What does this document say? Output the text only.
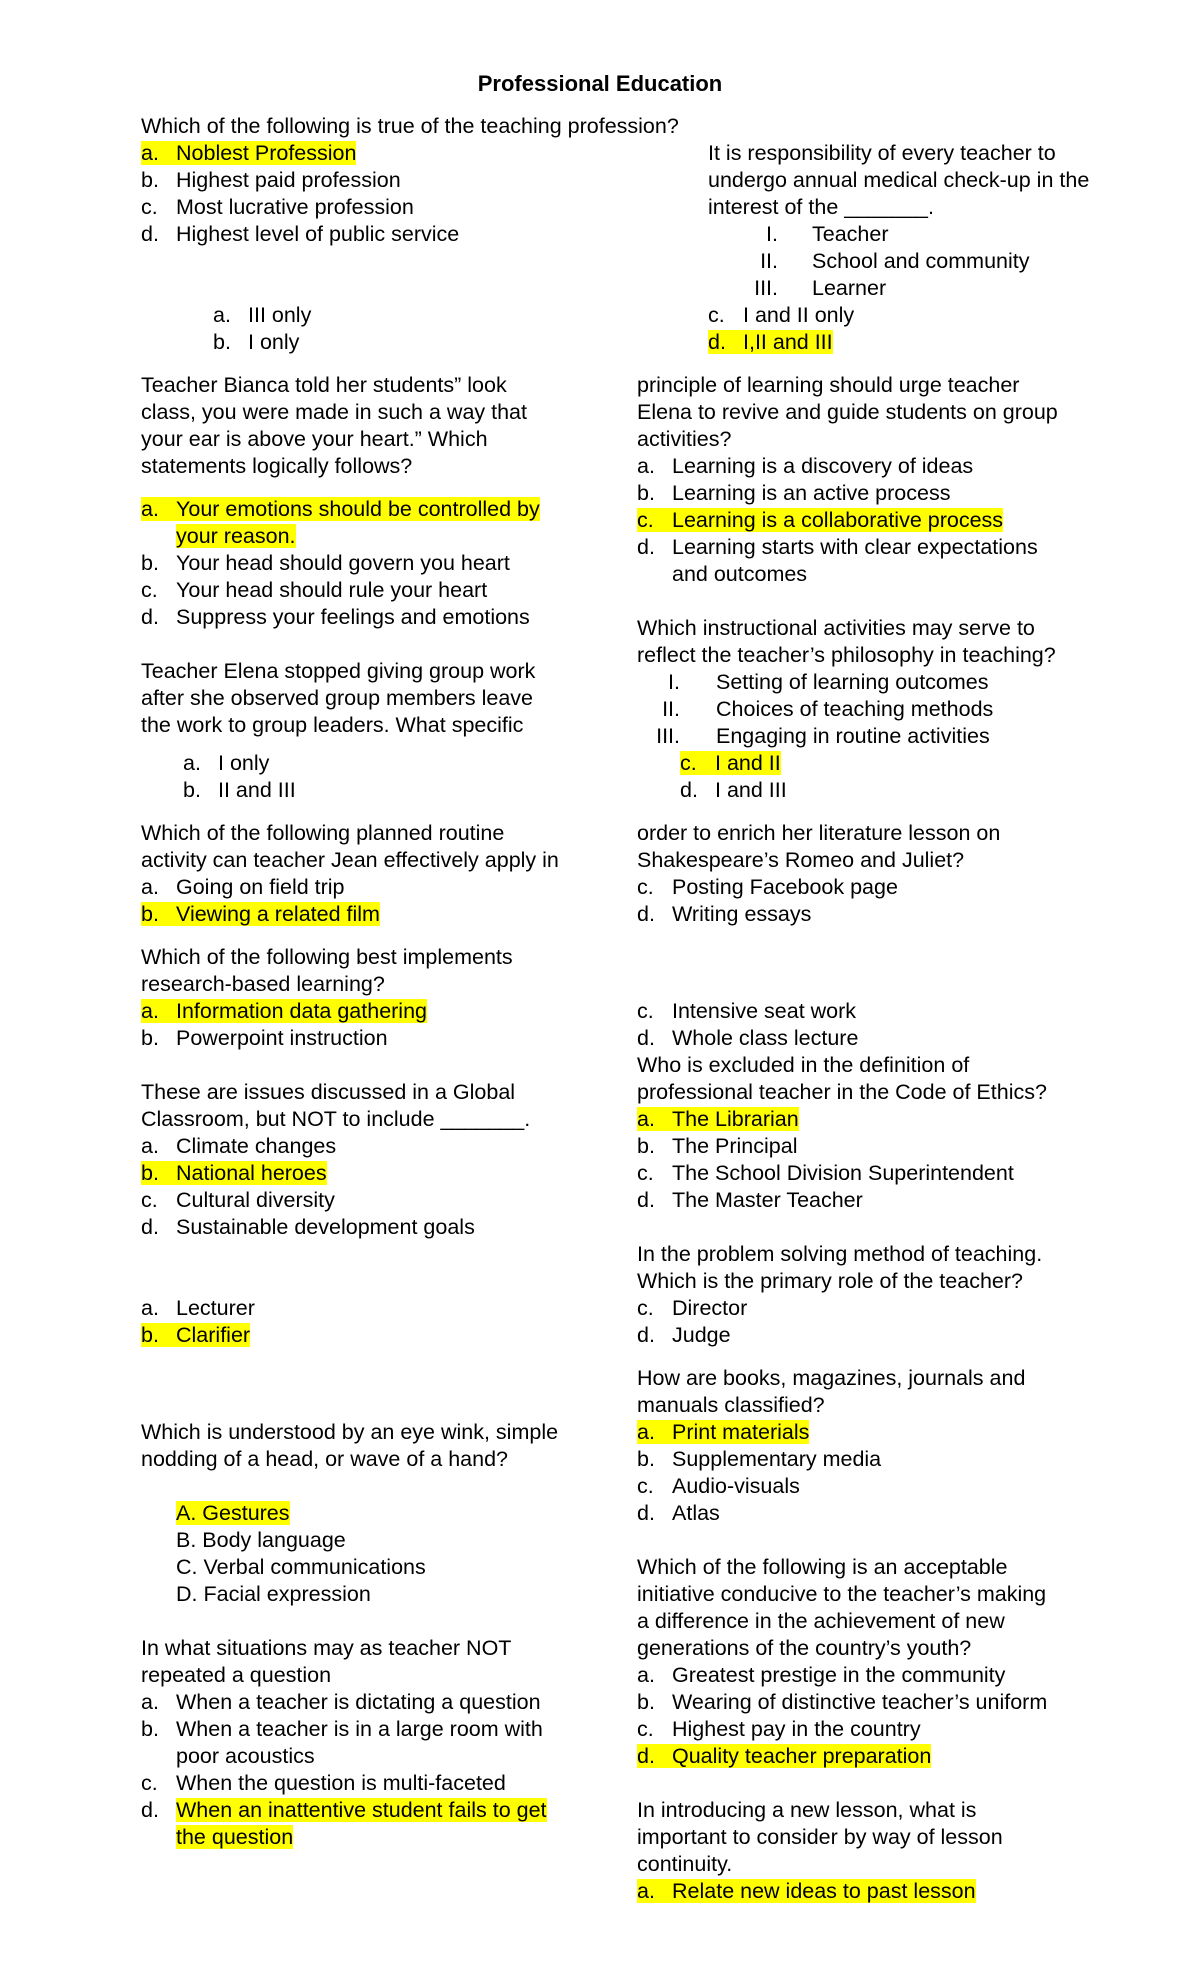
Professional Education
Which of the following is true of the teaching profession?
a. Noblest Profession
b. Highest paid profession
c. Most lucrative profession
d. Highest level of public service
a. III only
b. I only
Teacher Bianca told her students” look
class, you were made in such a way that
your ear is above your heart.” Which
statements logically follows?
a. Your emotions should be controlled by
your reason.
b. Your head should govern you heart
c. Your head should rule your heart
d. Suppress your feelings and emotions
Teacher Elena stopped giving group work
after she observed group members leave
the work to group leaders. What specific
a. I only
b. II and III
Which of the following planned routine
activity can teacher Jean effectively apply in
a. Going on field trip
b. Viewing a related film
Which of the following best implements
research-based learning?
a. Information data gathering
b. Powerpoint instruction
These are issues discussed in a Global
Classroom, but NOT to include _______.
a. Climate changes
b. National heroes
c. Cultural diversity
d. Sustainable development goals
a. Lecturer
b. Clarifier
Which is understood by an eye wink, simple
nodding of a head, or wave of a hand?
A. Gestures
B. Body language
C. Verbal communications
D. Facial expression
In what situations may as teacher NOT
repeated a question
a. When a teacher is dictating a question
b. When a teacher is in a large room with
poor acoustics
c. When the question is multi-faceted
d. When an inattentive student fails to get
the question
It is responsibility of every teacher to
undergo annual medical check-up in the
interest of the _______.
I. Teacher
II. School and community
III. Learner
c. I and II only
d. I,II and III
principle of learning should urge teacher
Elena to revive and guide students on group
activities?
a. Learning is a discovery of ideas
b. Learning is an active process
c. Learning is a collaborative process
d. Learning starts with clear expectations
and outcomes
Which instructional activities may serve to
reflect the teacher’s philosophy in teaching?
I. Setting of learning outcomes
II. Choices of teaching methods
III. Engaging in routine activities
c. I and II
d. I and III
order to enrich her literature lesson on
Shakespeare’s Romeo and Juliet?
c. Posting Facebook page
d. Writing essays
c. Intensive seat work
d. Whole class lecture
Who is excluded in the definition of
professional teacher in the Code of Ethics?
a. The Librarian
b. The Principal
c. The School Division Superintendent
d. The Master Teacher
In the problem solving method of teaching.
Which is the primary role of the teacher?
c. Director
d. Judge
How are books, magazines, journals and
manuals classified?
a. Print materials
b. Supplementary media
c. Audio-visuals
d. Atlas
Which of the following is an acceptable
initiative conducive to the teacher’s making
a difference in the achievement of new
generations of the country’s youth?
a. Greatest prestige in the community
b. Wearing of distinctive teacher’s uniform
c. Highest pay in the country
d. Quality teacher preparation
In introducing a new lesson, what is
important to consider by way of lesson
continuity.
a. Relate new ideas to past lesson
